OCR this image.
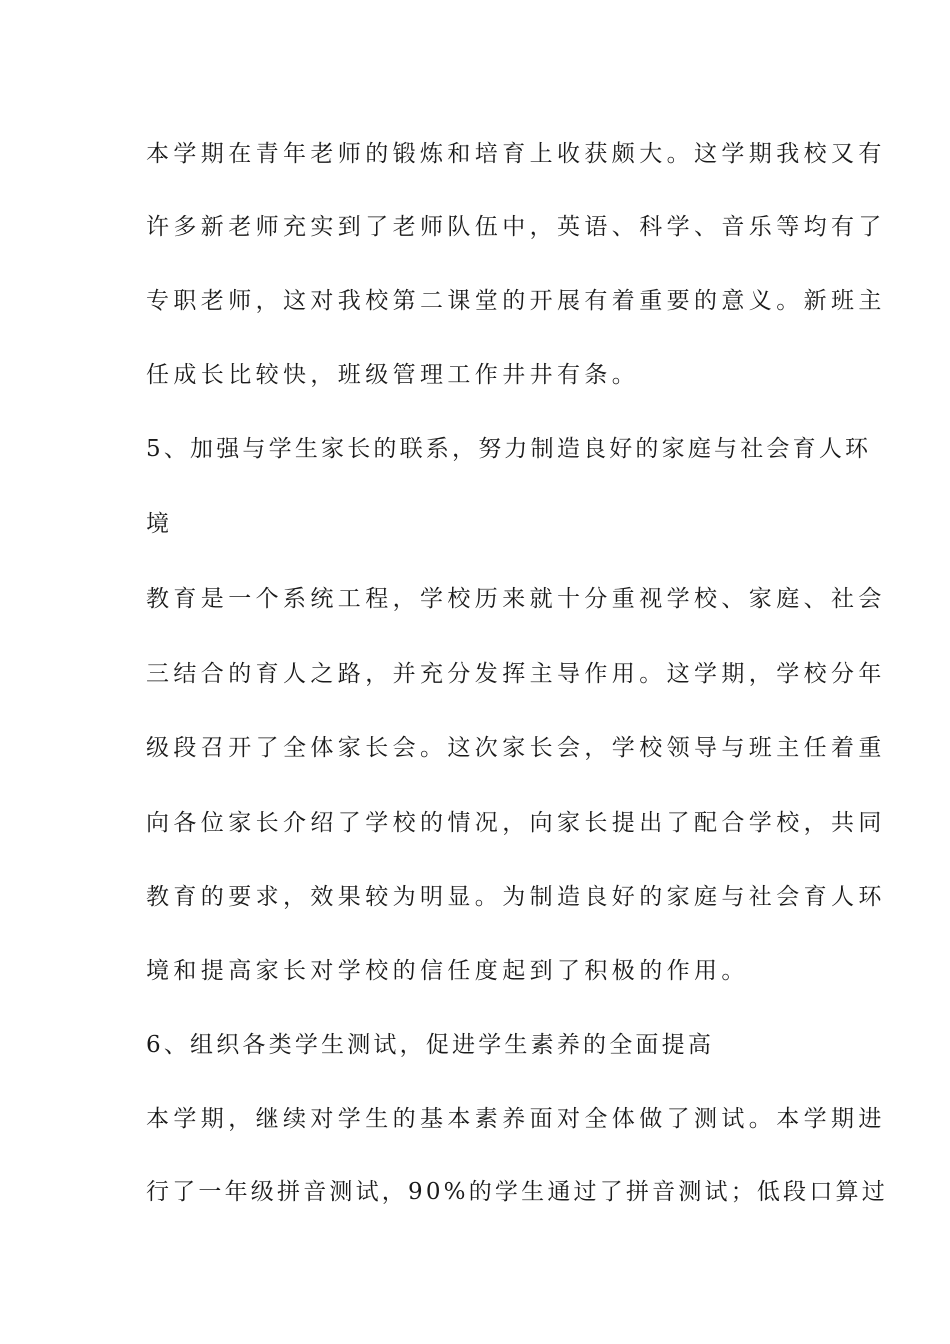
本学期在青年老师的锻炼和培育上收获颇大。这学期我校又有
许多新老师充实到了老师队伍中，英语、科学、音乐等均有了
专职老师，这对我校第二课堂的开展有着重要的意义。新班主
任成长比较快，班级管理工作井井有条。
5、加强与学生家长的联系，努力制造良好的家庭与社会育人环
境
教育是一个系统工程，学校历来就十分重视学校、家庭、社会
三结合的育人之路，并充分发挥主导作用。这学期，学校分年
级段召开了全体家长会。这次家长会，学校领导与班主任着重
向各位家长介绍了学校的情况，向家长提出了配合学校，共同
教育的要求，效果较为明显。为制造良好的家庭与社会育人环
境和提高家长对学校的信任度起到了积极的作用。
6、组织各类学生测试，促进学生素养的全面提高
本学期，继续对学生的基本素养面对全体做了测试。本学期进
行了一年级拼音测试，90%的学生通过了拼音测试；低段口算过
